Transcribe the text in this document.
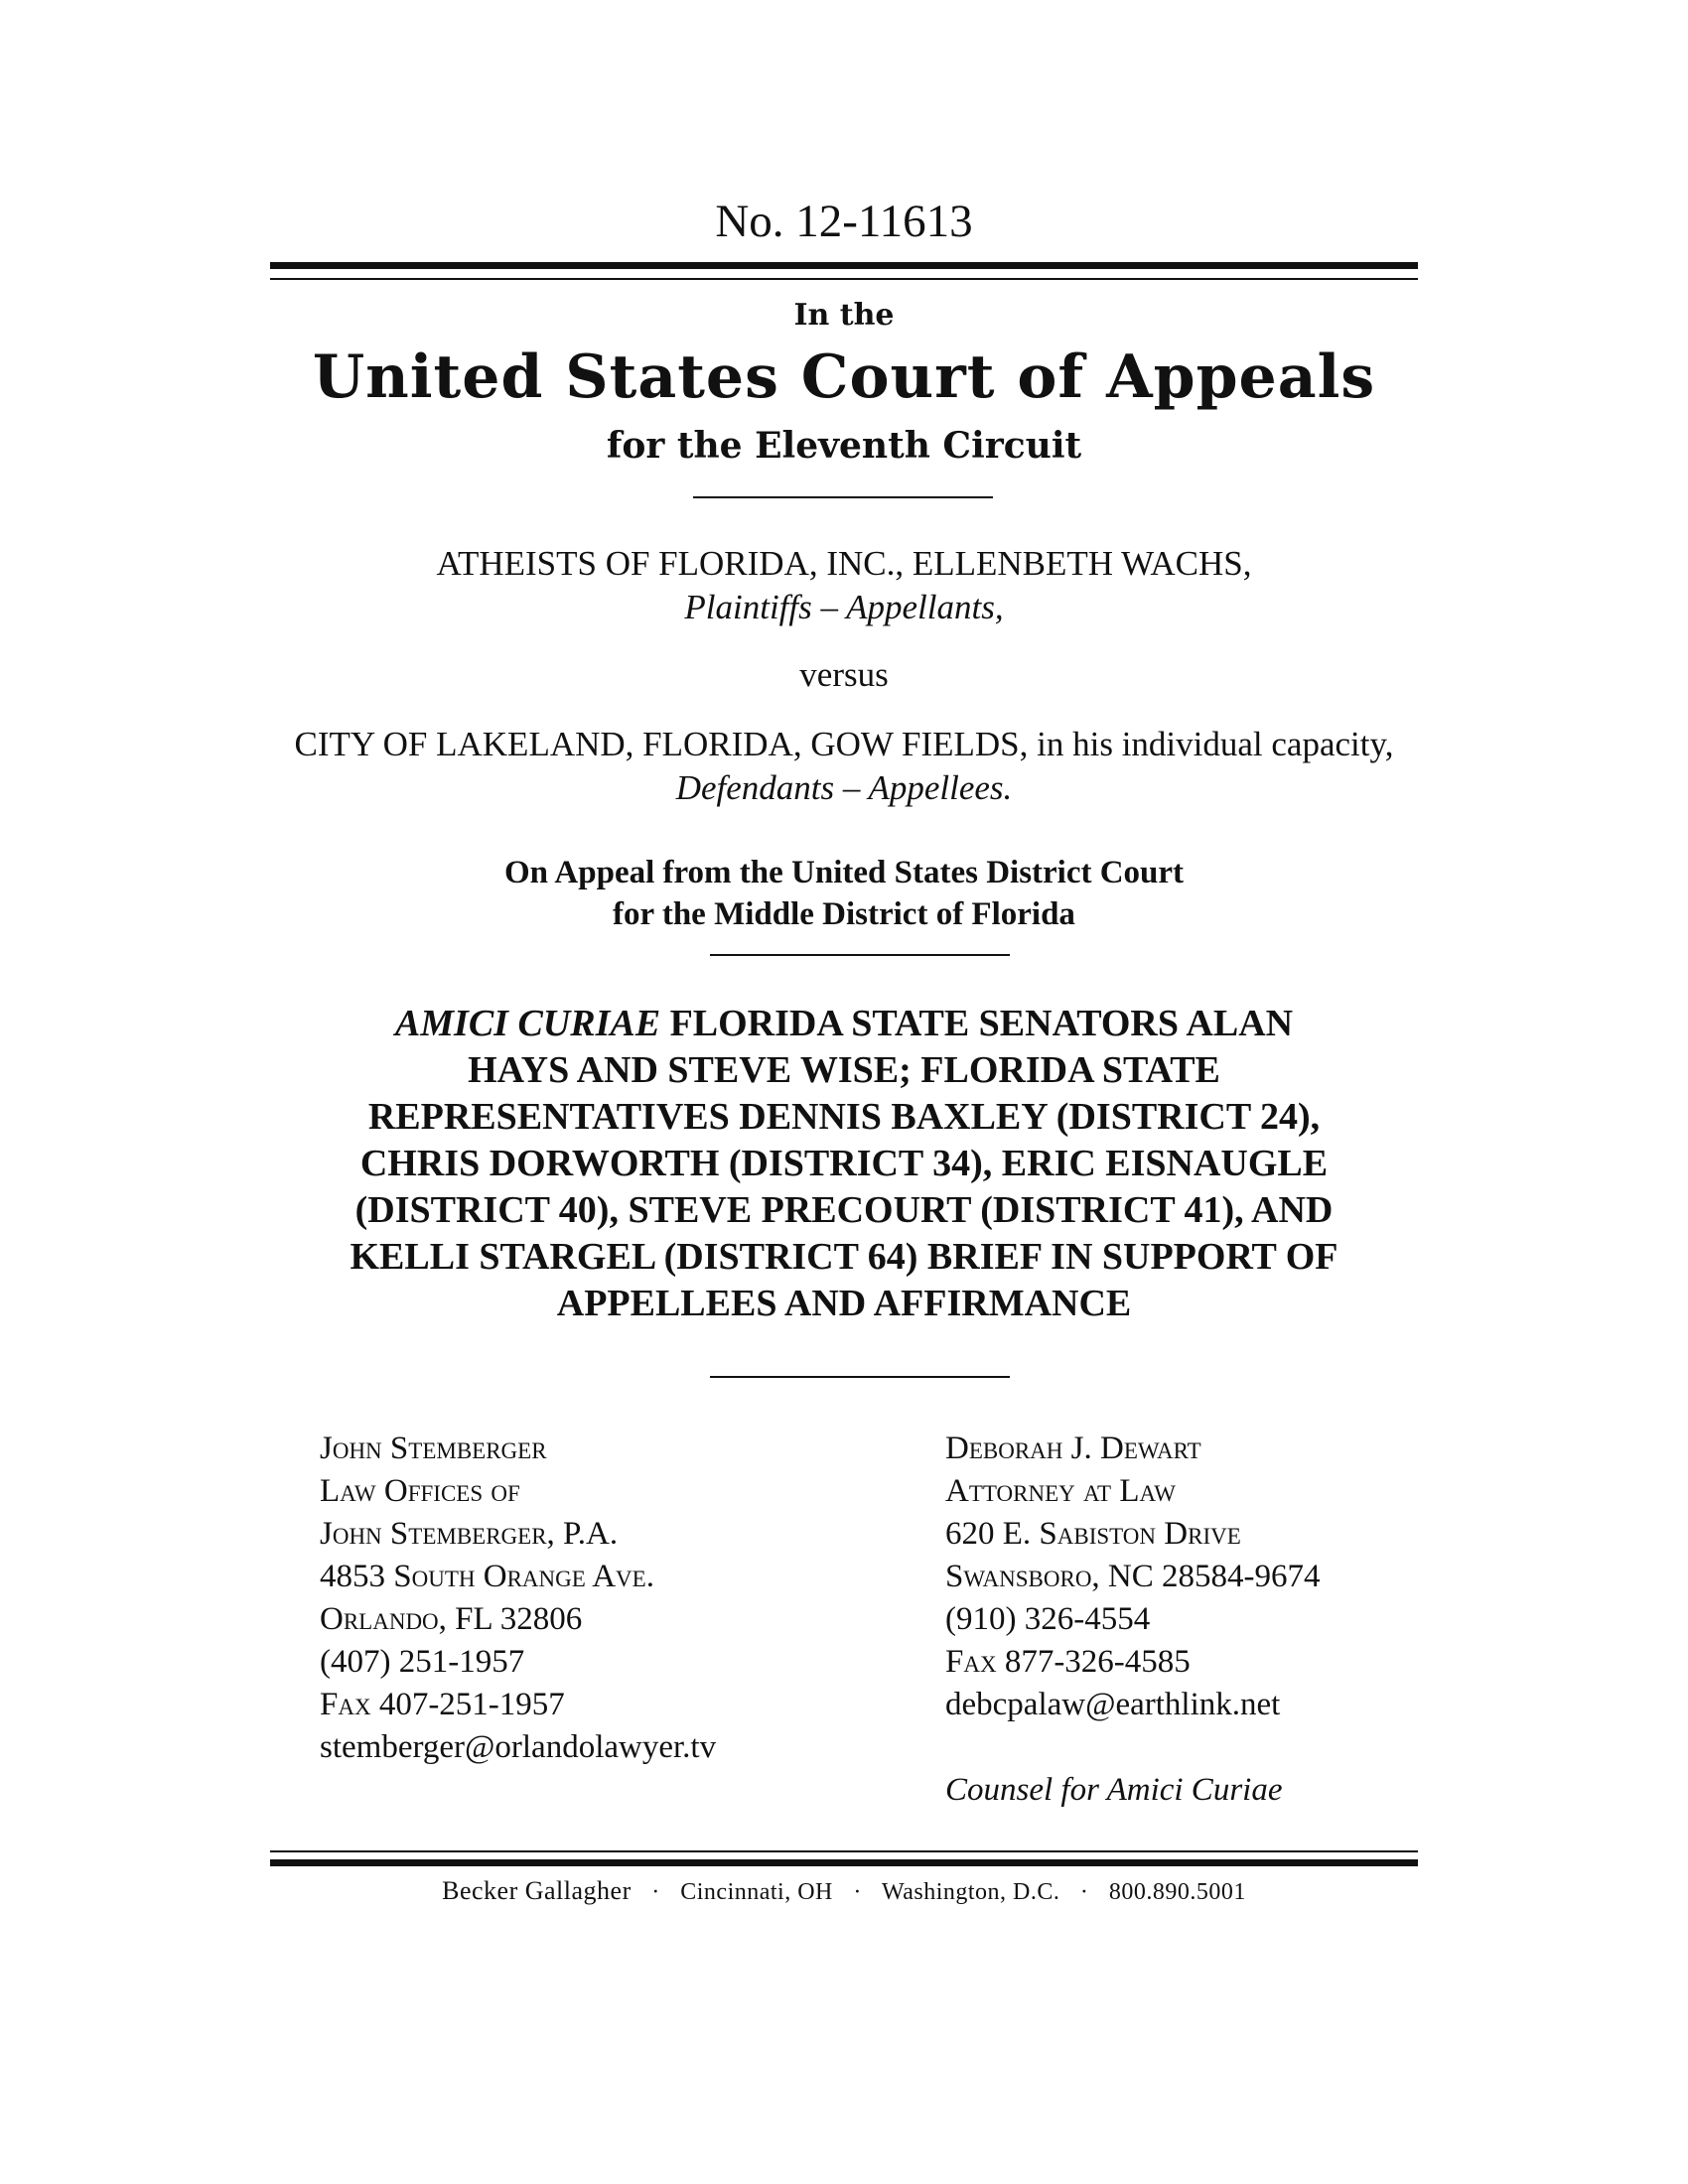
No. 12-11613
In the
United States Court of Appeals
for the Eleventh Circuit
ATHEISTS OF FLORIDA, INC., ELLENBETH WACHS,
Plaintiffs – Appellants,
versus
CITY OF LAKELAND, FLORIDA, GOW FIELDS, in his individual capacity,
Defendants – Appellees.
On Appeal from the United States District Court
for the Middle District of Florida
AMICI CURIAE FLORIDA STATE SENATORS ALAN
HAYS AND STEVE WISE; FLORIDA STATE
REPRESENTATIVES DENNIS BAXLEY (DISTRICT 24),
CHRIS DORWORTH (DISTRICT 34), ERIC EISNAUGLE
(DISTRICT 40), STEVE PRECOURT (DISTRICT 41), AND
KELLI STARGEL (DISTRICT 64) BRIEF IN SUPPORT OF
APPELLEES AND AFFIRMANCE
John Stemberger
Law Offices of
John Stemberger, P.A.
4853 South Orange Ave.
Orlando, FL 32806
(407) 251-1957
Fax 407-251-1957
stemberger@orlandolawyer.tv
Deborah J. Dewart
Attorney at Law
620 E. Sabiston Drive
Swansboro, NC 28584-9674
(910) 326-4554
Fax 877-326-4585
debcpalaw@earthlink.net
Counsel for Amici Curiae
Becker Gallagher · Cincinnati, OH · Washington, D.C. · 800.890.5001
